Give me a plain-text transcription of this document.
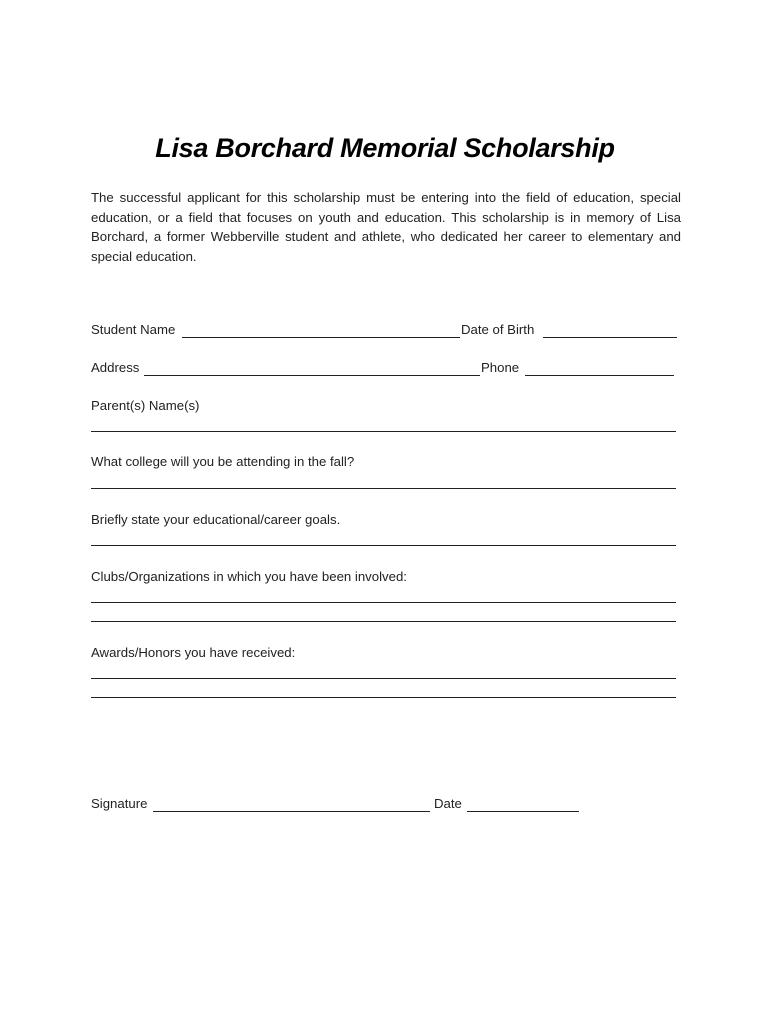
Lisa Borchard Memorial Scholarship
The successful applicant for this scholarship must be entering into the field of education, special education, or a field that focuses on youth and education. This scholarship is in memory of Lisa Borchard, a former Webberville student and athlete, who dedicated her career to elementary and special education.
Student Name	Date of Birth
Address	Phone
Parent(s) Name(s)
What college will you be attending in the fall?
Briefly state your educational/career goals.
Clubs/Organizations in which you have been involved:
Awards/Honors you have received:
Signature	Date
